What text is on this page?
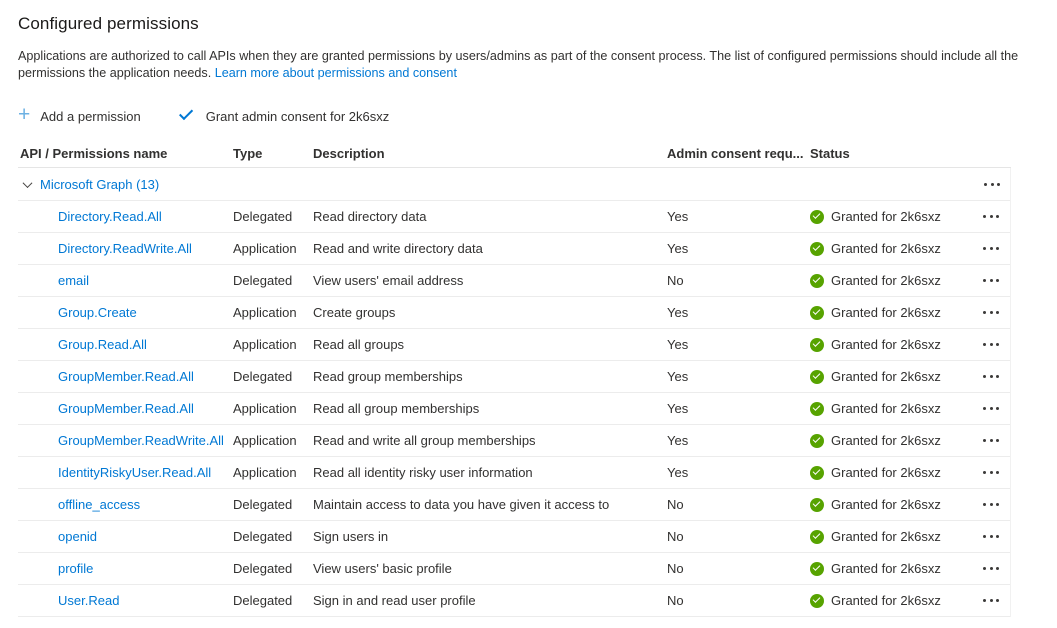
Configured permissions

Applications are authorized to call APIs when they are granted permissions by users/admins as part of the consent process. The list of configured permissions should include all the permissions the application needs. Learn more about permissions and consent

+ Add a permission	Grant admin consent for 2k6sxz
API / Permissions name	Type	Description	Admin consent requ... Status
Microsoft Graph (13)
Directory.Read.All	Delegated	Read directory data	Yes	Granted for 2k6sxz
Directory.ReadWrite.All	Application	Read and write directory data	Yes	Granted for 2k6sxz
email	Delegated	View users' email address	No	Granted for 2k6sxz
Group.Create	Application	Create groups	Yes	Granted for 2k6sxz
Group.Read.All	Application	Read all groups	Yes	Granted for 2k6sxz
GroupMember.Read.All	Delegated	Read group memberships	Yes	Granted for 2k6sxz
GroupMember.Read.All	Application	Read all group memberships	Yes	Granted for 2k6sxz
GroupMember.ReadWrite.All Application	Read and write all group memberships	Yes	Granted for 2k6sxz
IdentityRiskyUser.Read.All	Application	Read all identity risky user information	Yes	Granted for 2k6sxz
offline_access	Delegated	Maintain access to data you have given it access to	No	Granted for 2k6sxz
openid	Delegated	Sign users in	No	Granted for 2k6sxz
profile	Delegated	View users' basic profile	No	Granted for 2k6sxz
User.Read	Delegated	Sign in and read user profile	No	Granted for 2k6sxz
